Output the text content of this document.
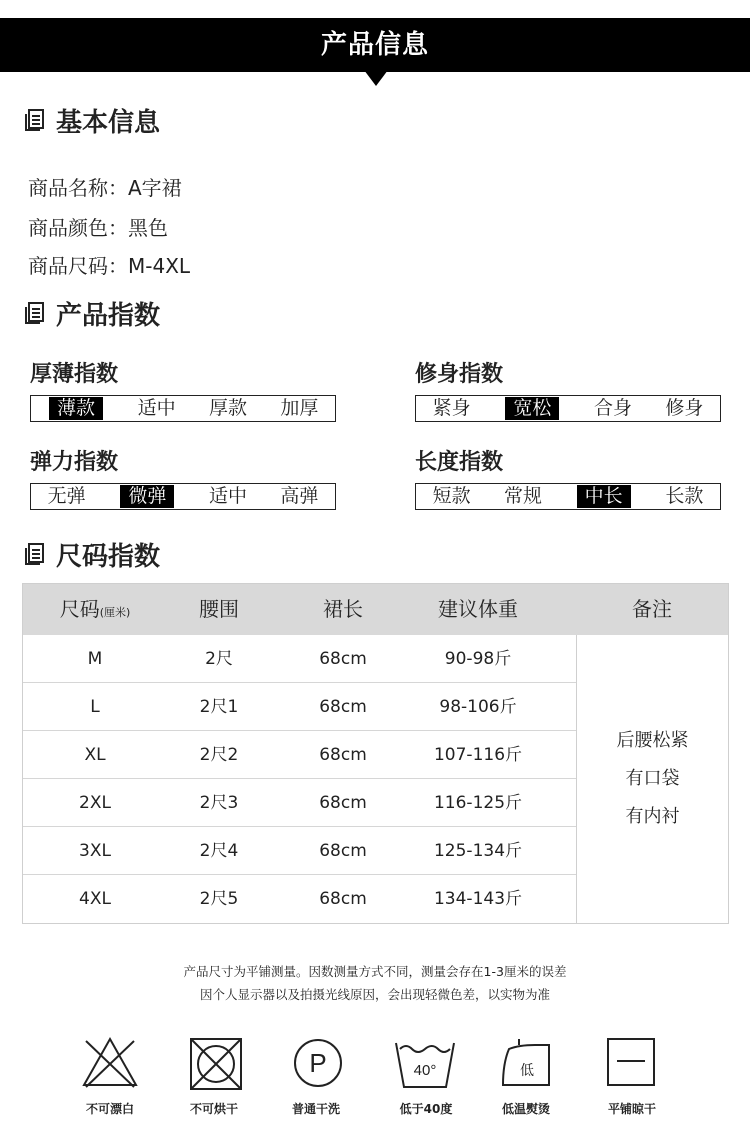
产品信息
基本信息
商品名称：A字裙
商品颜色：黑色
商品尺码：M-4XL
产品指数
厚薄指数
薄款	适中	厚款	加厚
修身指数
紧身	宽松	合身	修身
弹力指数
无弹	微弹	适中	高弹
长度指数
短款	常规	中长	长款
尺码指数
尺码(厘米)	腰围	裙长	建议体重	备注
M	2尺	68cm	90-98斤
L	2尺1	68cm	98-106斤
XL	2尺2	68cm	107-116斤
2XL	2尺3	68cm	116-125斤
3XL	2尺4	68cm	125-134斤
4XL	2尺5	68cm	134-143斤
后腰松紧
有口袋
有内衬
产品尺寸为平铺测量。因数测量方式不同，测量会存在1-3厘米的误差
因个人显示器以及拍摄光线原因，会出现轻微色差，以实物为准
P	40°	低
不可漂白	不可烘干	普通干洗	低于40度	低温熨烫	平铺晾干
